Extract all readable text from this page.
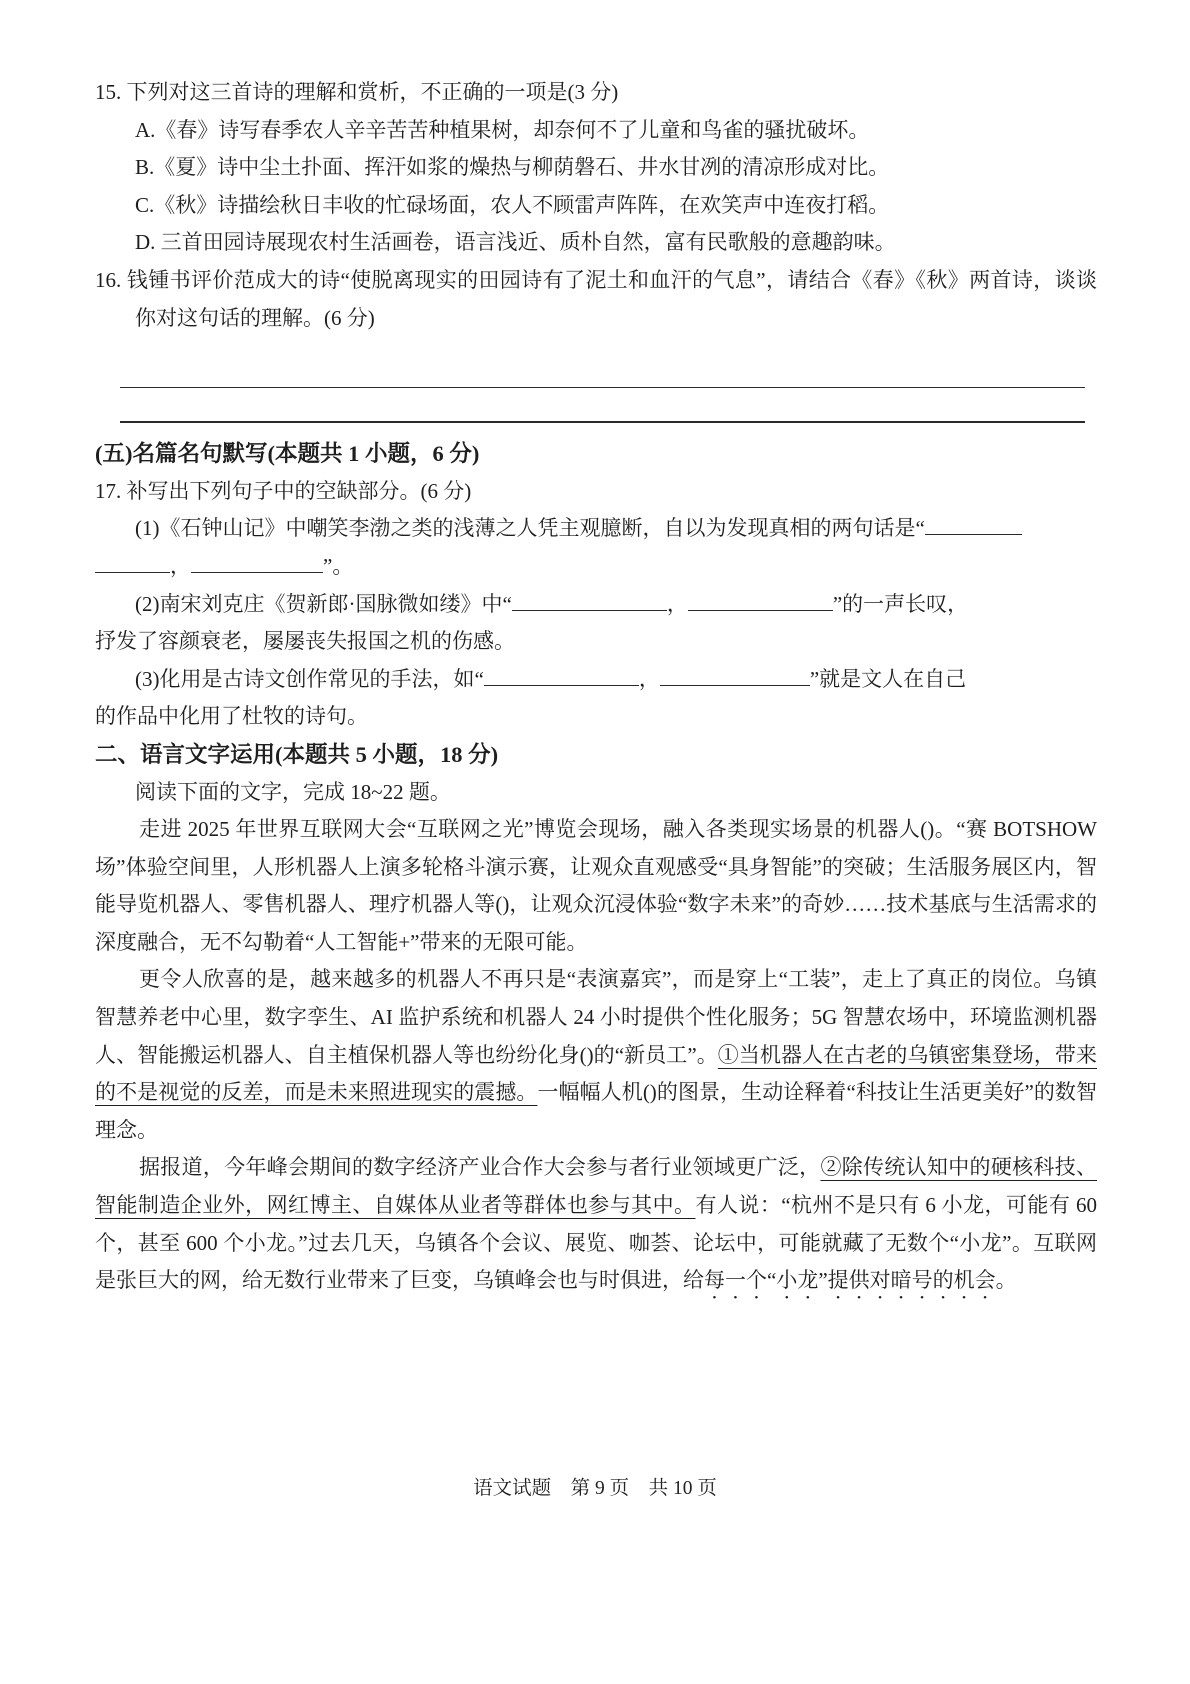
15. 下列对这三首诗的理解和赏析，不正确的一项是(3 分)
A.《春》诗写春季农人辛辛苦苦种植果树，却奈何不了儿童和鸟雀的骚扰破坏。
B.《夏》诗中尘土扑面、挥汗如浆的燥热与柳荫磐石、井水甘冽的清凉形成对比。
C.《秋》诗描绘秋日丰收的忙碌场面，农人不顾雷声阵阵，在欢笑声中连夜打稻。
D. 三首田园诗展现农村生活画卷，语言浅近、质朴自然，富有民歌般的意趣韵味。
16. 钱锺书评价范成大的诗“使脱离现实的田园诗有了泥土和血汗的气息”，请结合《春》《秋》两首诗，谈谈你对这句话的理解。(6 分)
(五)名篇名句默写(本题共 1 小题，6 分)
17. 补写出下列句子中的空缺部分。(6 分)
(1)《石钟山记》中嘲笑李渤之类的浅薄之人凭主观臆断，自以为发现真相的两句话是“
，	”。
(2)南宋刘克庄《贺新郎·国脉微如缕》中“	，	”的一声长叹，
抒发了容颜衰老，屡屡丧失报国之机的伤感。
(3)化用是古诗文创作常见的手法，如“	，	”就是文人在自己
的作品中化用了杜牧的诗句。
二、语言文字运用(本题共 5 小题，18 分)
阅读下面的文字，完成 18~22 题。
走进 2025 年世界互联网大会“互联网之光”博览会现场，融入各类现实场景的机器人()。“赛 BOTSHOW 场”体验空间里，人形机器人上演多轮格斗演示赛，让观众直观感受“具身智能”的突破；生活服务展区内，智能导览机器人、零售机器人、理疗机器人等()，让观众沉浸体验“数字未来”的奇妙……技术基底与生活需求的深度融合，无不勾勒着“人工智能+”带来的无限可能。
更令人欣喜的是，越来越多的机器人不再只是“表演嘉宾”，而是穿上“工装”，走上了真正的岗位。乌镇智慧养老中心里，数字孪生、AI 监护系统和机器人 24 小时提供个性化服务；5G 智慧农场中，环境监测机器人、智能搬运机器人、自主植保机器人等也纷纷化身()的“新员工”。①当机器人在古老的乌镇密集登场，带来的不是视觉的反差，而是未来照进现实的震撼。一幅幅人机()的图景，生动诠释着“科技让生活更美好”的数智理念。
据报道，今年峰会期间的数字经济产业合作大会参与者行业领域更广泛，②除传统认知中的硬核科技、智能制造企业外，网红博主、自媒体从业者等群体也参与其中。有人说：“杭州不是只有 6 小龙，可能有 60 个，甚至 600 个小龙。”过去几天，乌镇各个会议、展览、咖荟、论坛中，可能就藏了无数个“小龙”。互联网是张巨大的网，给无数行业带来了巨变，乌镇峰会也与时俱进，给每一个“小龙”提供对暗号的机会。
语文试题　第 9 页　共 10 页
